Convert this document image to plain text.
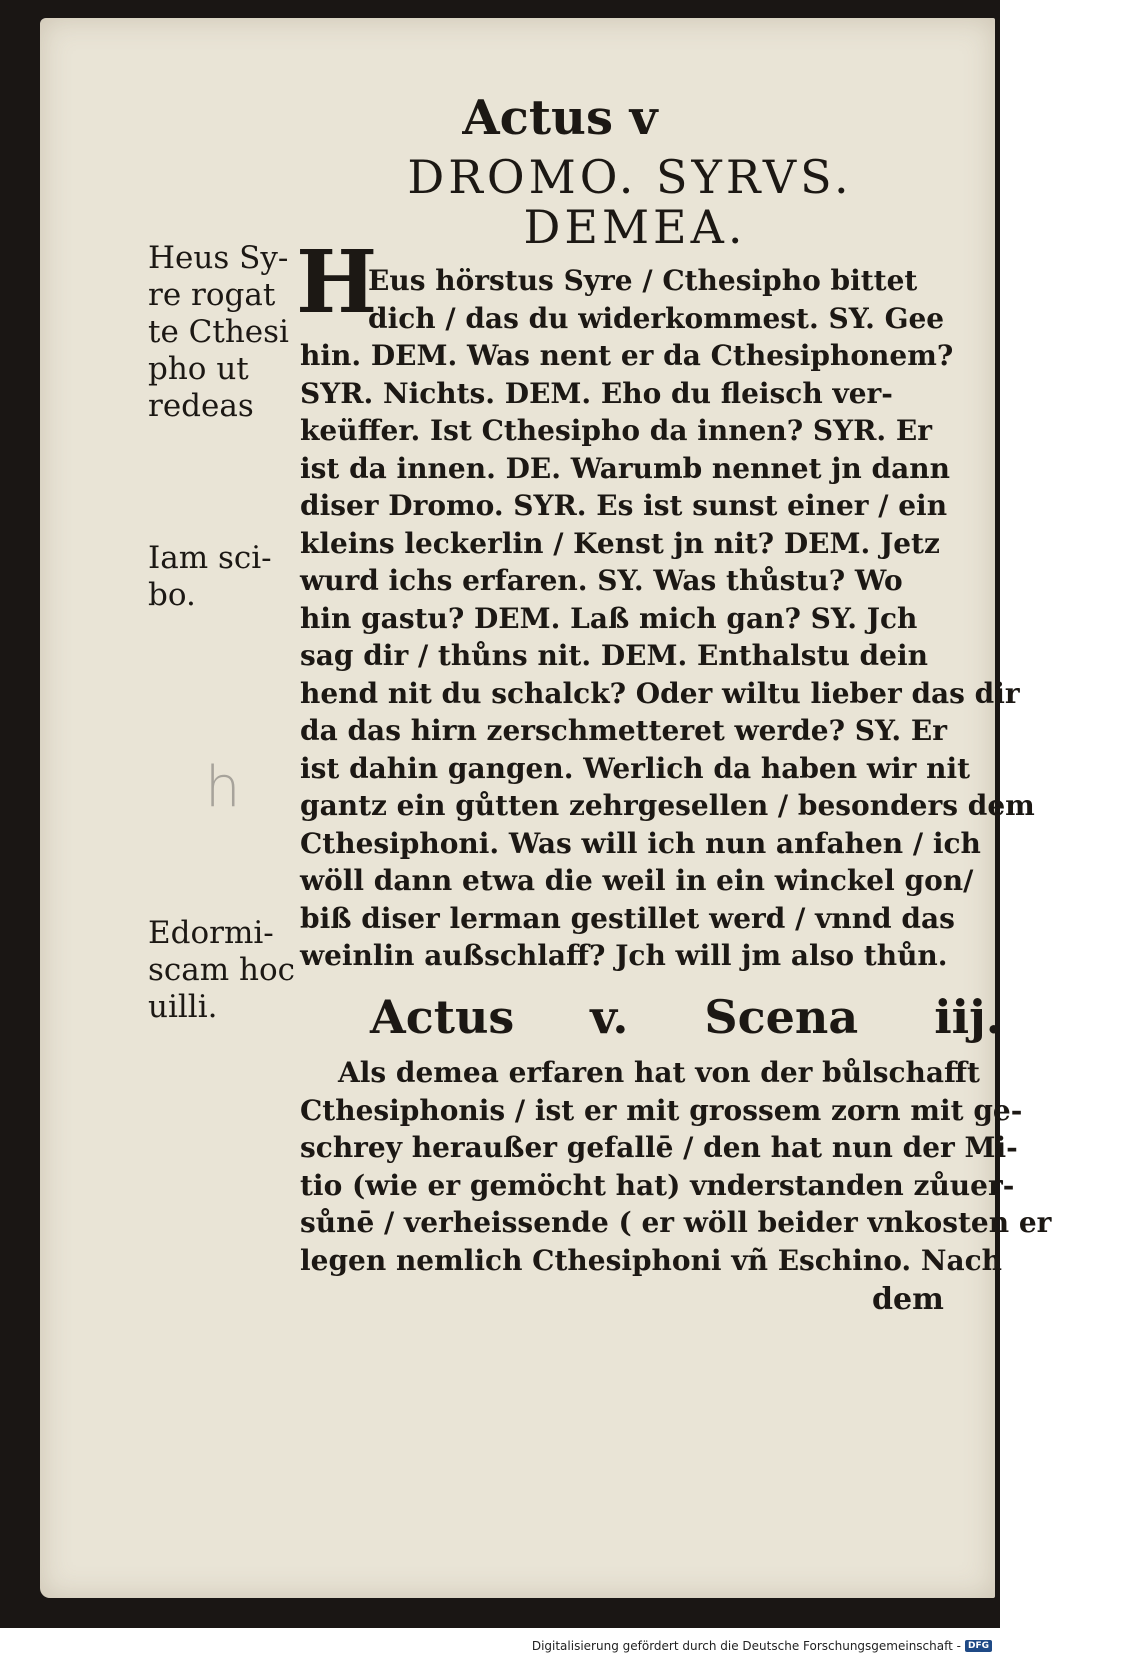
Actus v
DROMO. SYRVS.
DEMEA.
Heus Sy-
re rogat
te Cthesi
pho ut
redeas
Iam sci-
bo.
h
Edormi-
scam hoc
uilli.
H
Eus hörstus Syre / Cthesipho bittet
dich / das du widerkommest. SY. Gee
hin. DEM. Was nent er da Cthesiphonem?
SYR. Nichts. DEM. Eho du fleisch ver-
keüffer. Ist Cthesipho da innen? SYR. Er
ist da innen. DE. Warumb nennet jn dann
diser Dromo. SYR. Es ist sunst einer / ein
kleins leckerlin / Kenst jn nit? DEM. Jetz
wurd ichs erfaren. SY. Was thůstu? Wo
hin gastu? DEM. Laß mich gan? SY. Jch
sag dir / thůns nit. DEM. Enthalstu dein
hend nit du schalck? Oder wiltu lieber das dir
da das hirn zerschmetteret werde? SY. Er
ist dahin gangen. Werlich da haben wir nit
gantz ein gůtten zehrgesellen / besonders dem
Cthesiphoni. Was will ich nun anfahen / ich
wöll dann etwa die weil in ein winckel gon/
biß diser lerman gestillet werd / vnnd das
weinlin außschlaff? Jch will jm also thůn.
Actus v. Scena iij.
Als demea erfaren hat von der bůlschafft
Cthesiphonis / ist er mit grossem zorn mit ge-
schrey heraußer gefallē / den hat nun der Mi-
tio (wie er gemöcht hat) vnderstanden zůuer-
sůnē / verheissende ( er wöll beider vnkosten er
legen nemlich Cthesiphoni vñ Eschino. Nach
dem
Digitalisierung gefördert durch die Deutsche Forschungsgemeinschaft - DFG
